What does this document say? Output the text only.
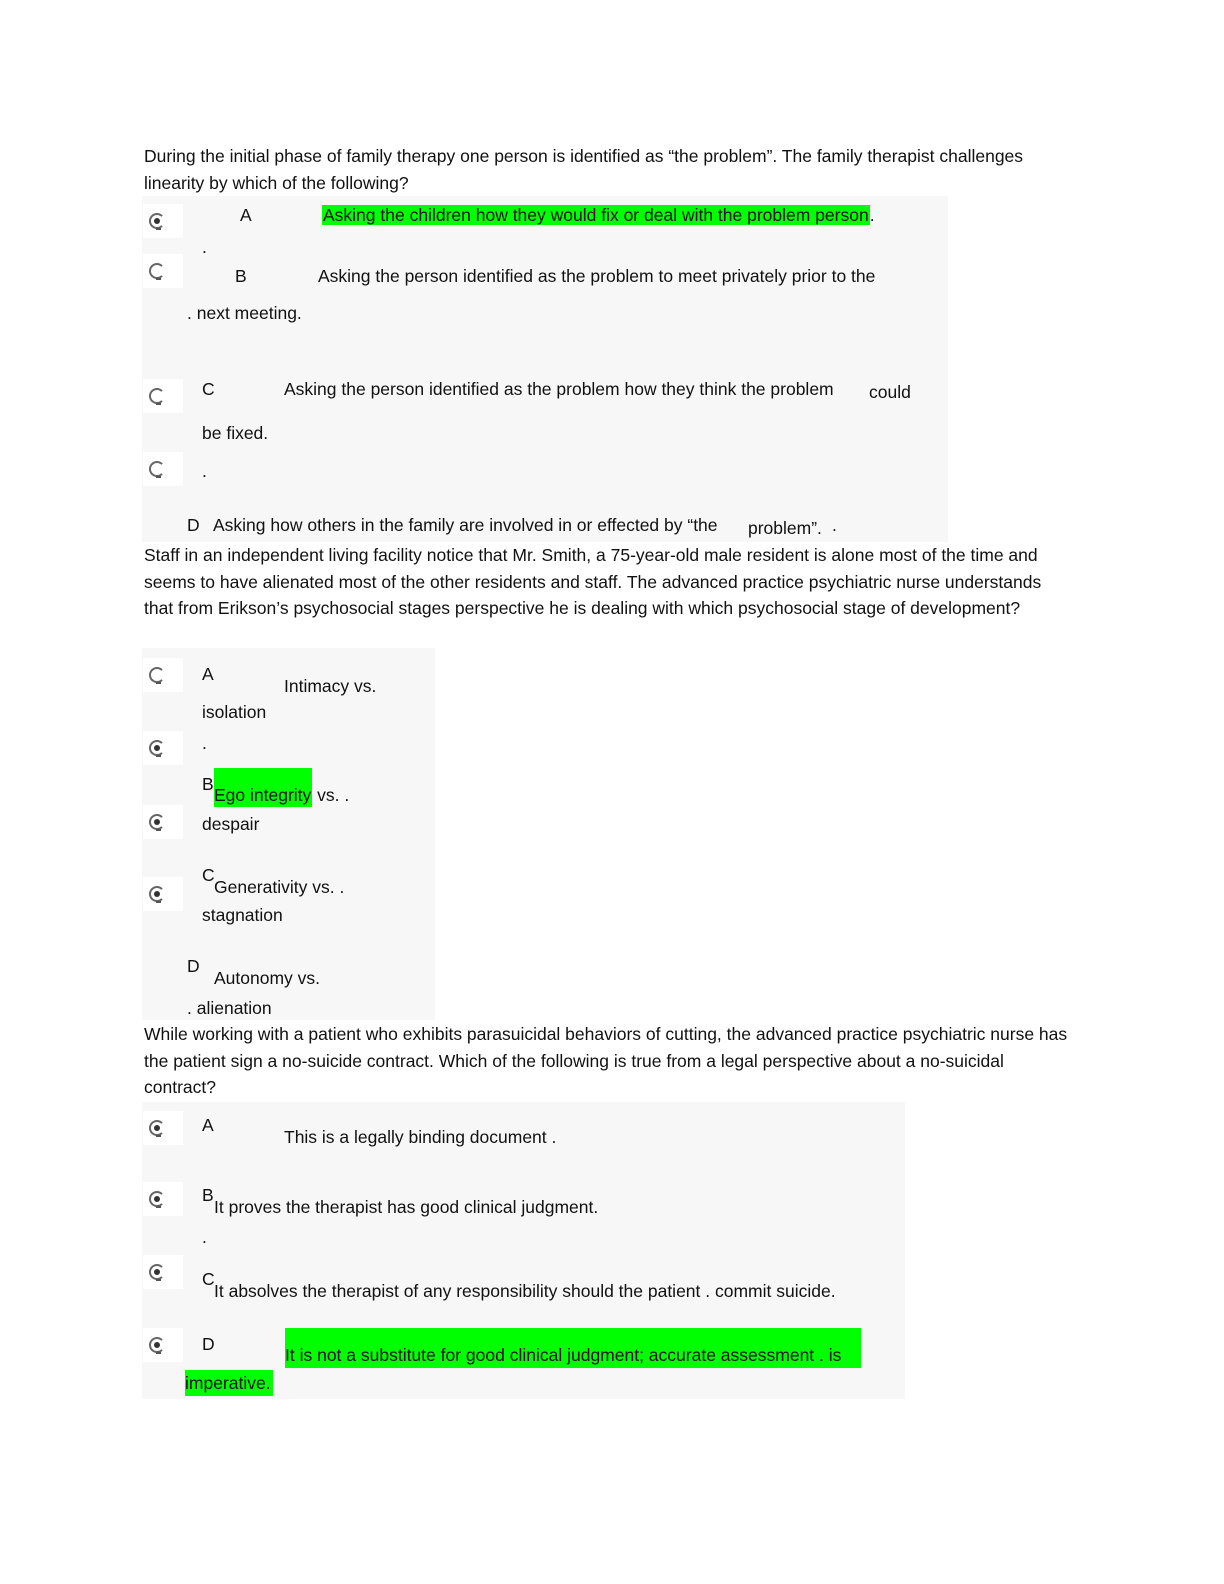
During the initial phase of family therapy one person is identified as “the problem”. The family therapist challenges linearity by which of the following?
A	Asking the children how they would fix or deal with the problem person.
.
B	Asking the person identified as the problem to meet privately prior to the
. next meeting.
C	Asking the person identified as the problem how they think the problem could
be fixed.
.
D Asking how others in the family are involved in or effected by “the problem”. .
Staff in an independent living facility notice that Mr. Smith, a 75-year-old male resident is alone most of the time and seems to have alienated most of the other residents and staff. The advanced practice psychiatric nurse understands that from Erikson’s psychosocial stages perspective he is dealing with which psychosocial stage of development?
A
Intimacy vs.
isolation
.
B
Ego integrity vs. .
despair
C
Generativity vs. .
stagnation
D
Autonomy vs.
. alienation
While working with a patient who exhibits parasuicidal behaviors of cutting, the advanced practice psychiatric nurse has the patient sign a no-suicide contract. Which of the following is true from a legal perspective about a no-suicidal contract?
A
This is a legally binding document .
B
It proves the therapist has good clinical judgment.
.
C
It absolves the therapist of any responsibility should the patient . commit suicide.
D
It is not a substitute for good clinical judgment; accurate assessment . is
imperative.
